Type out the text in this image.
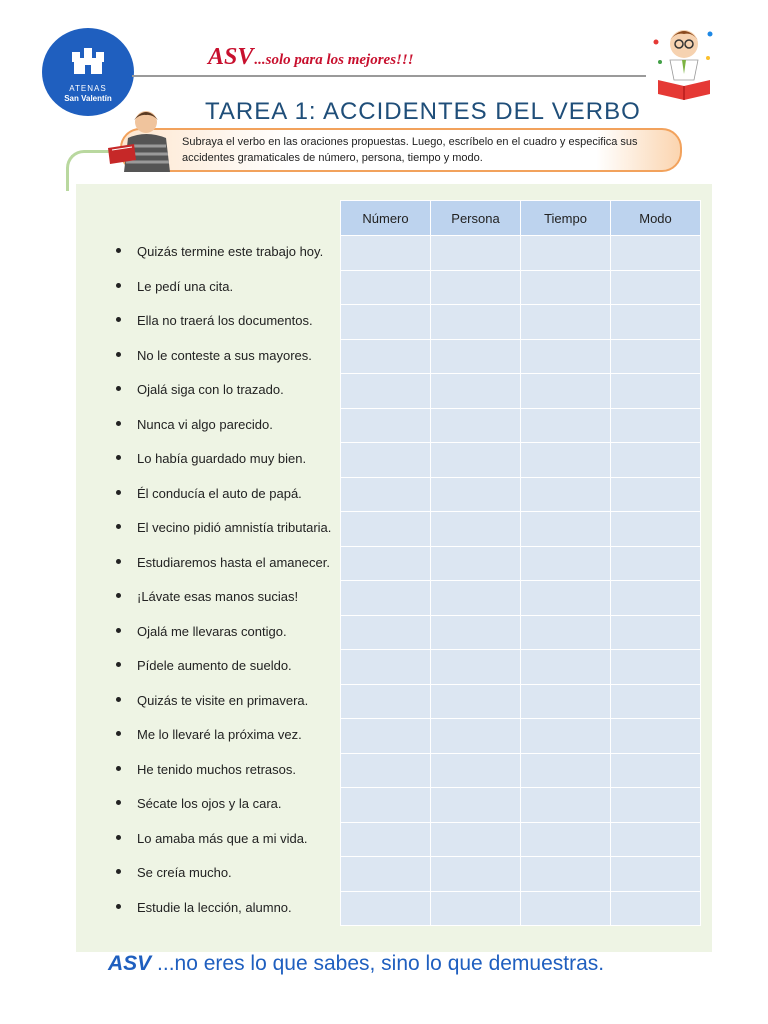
ATENAS
San Valentín
ASV...solo para los mejores!!!
TAREA 1: ACCIDENTES DEL VERBO
Subraya el verbo en las oraciones propuestas. Luego, escríbelo en el cuadro y especifica sus accidentes gramaticales de número, persona, tiempo y modo.
Número	Persona	Tiempo	Modo

Quizás termine este trabajo hoy.
Le pedí una cita.
Ella no traerá los documentos.
No le conteste a sus mayores.
Ojalá siga con lo trazado.
Nunca vi algo parecido.
Lo había guardado muy bien.
Él conducía el auto de papá.
El vecino pidió amnistía tributaria.
Estudiaremos hasta el amanecer.
¡Lávate esas manos sucias!
Ojalá me llevaras contigo.
Pídele aumento de sueldo.
Quizás te visite en primavera.
Me lo llevaré la próxima vez.
He tenido muchos retrasos.
Sécate los ojos y la cara.
Lo amaba más que a mi vida.
Se creía mucho.
Estudie la lección, alumno.
ASV ...no eres lo que sabes, sino lo que demuestras.
